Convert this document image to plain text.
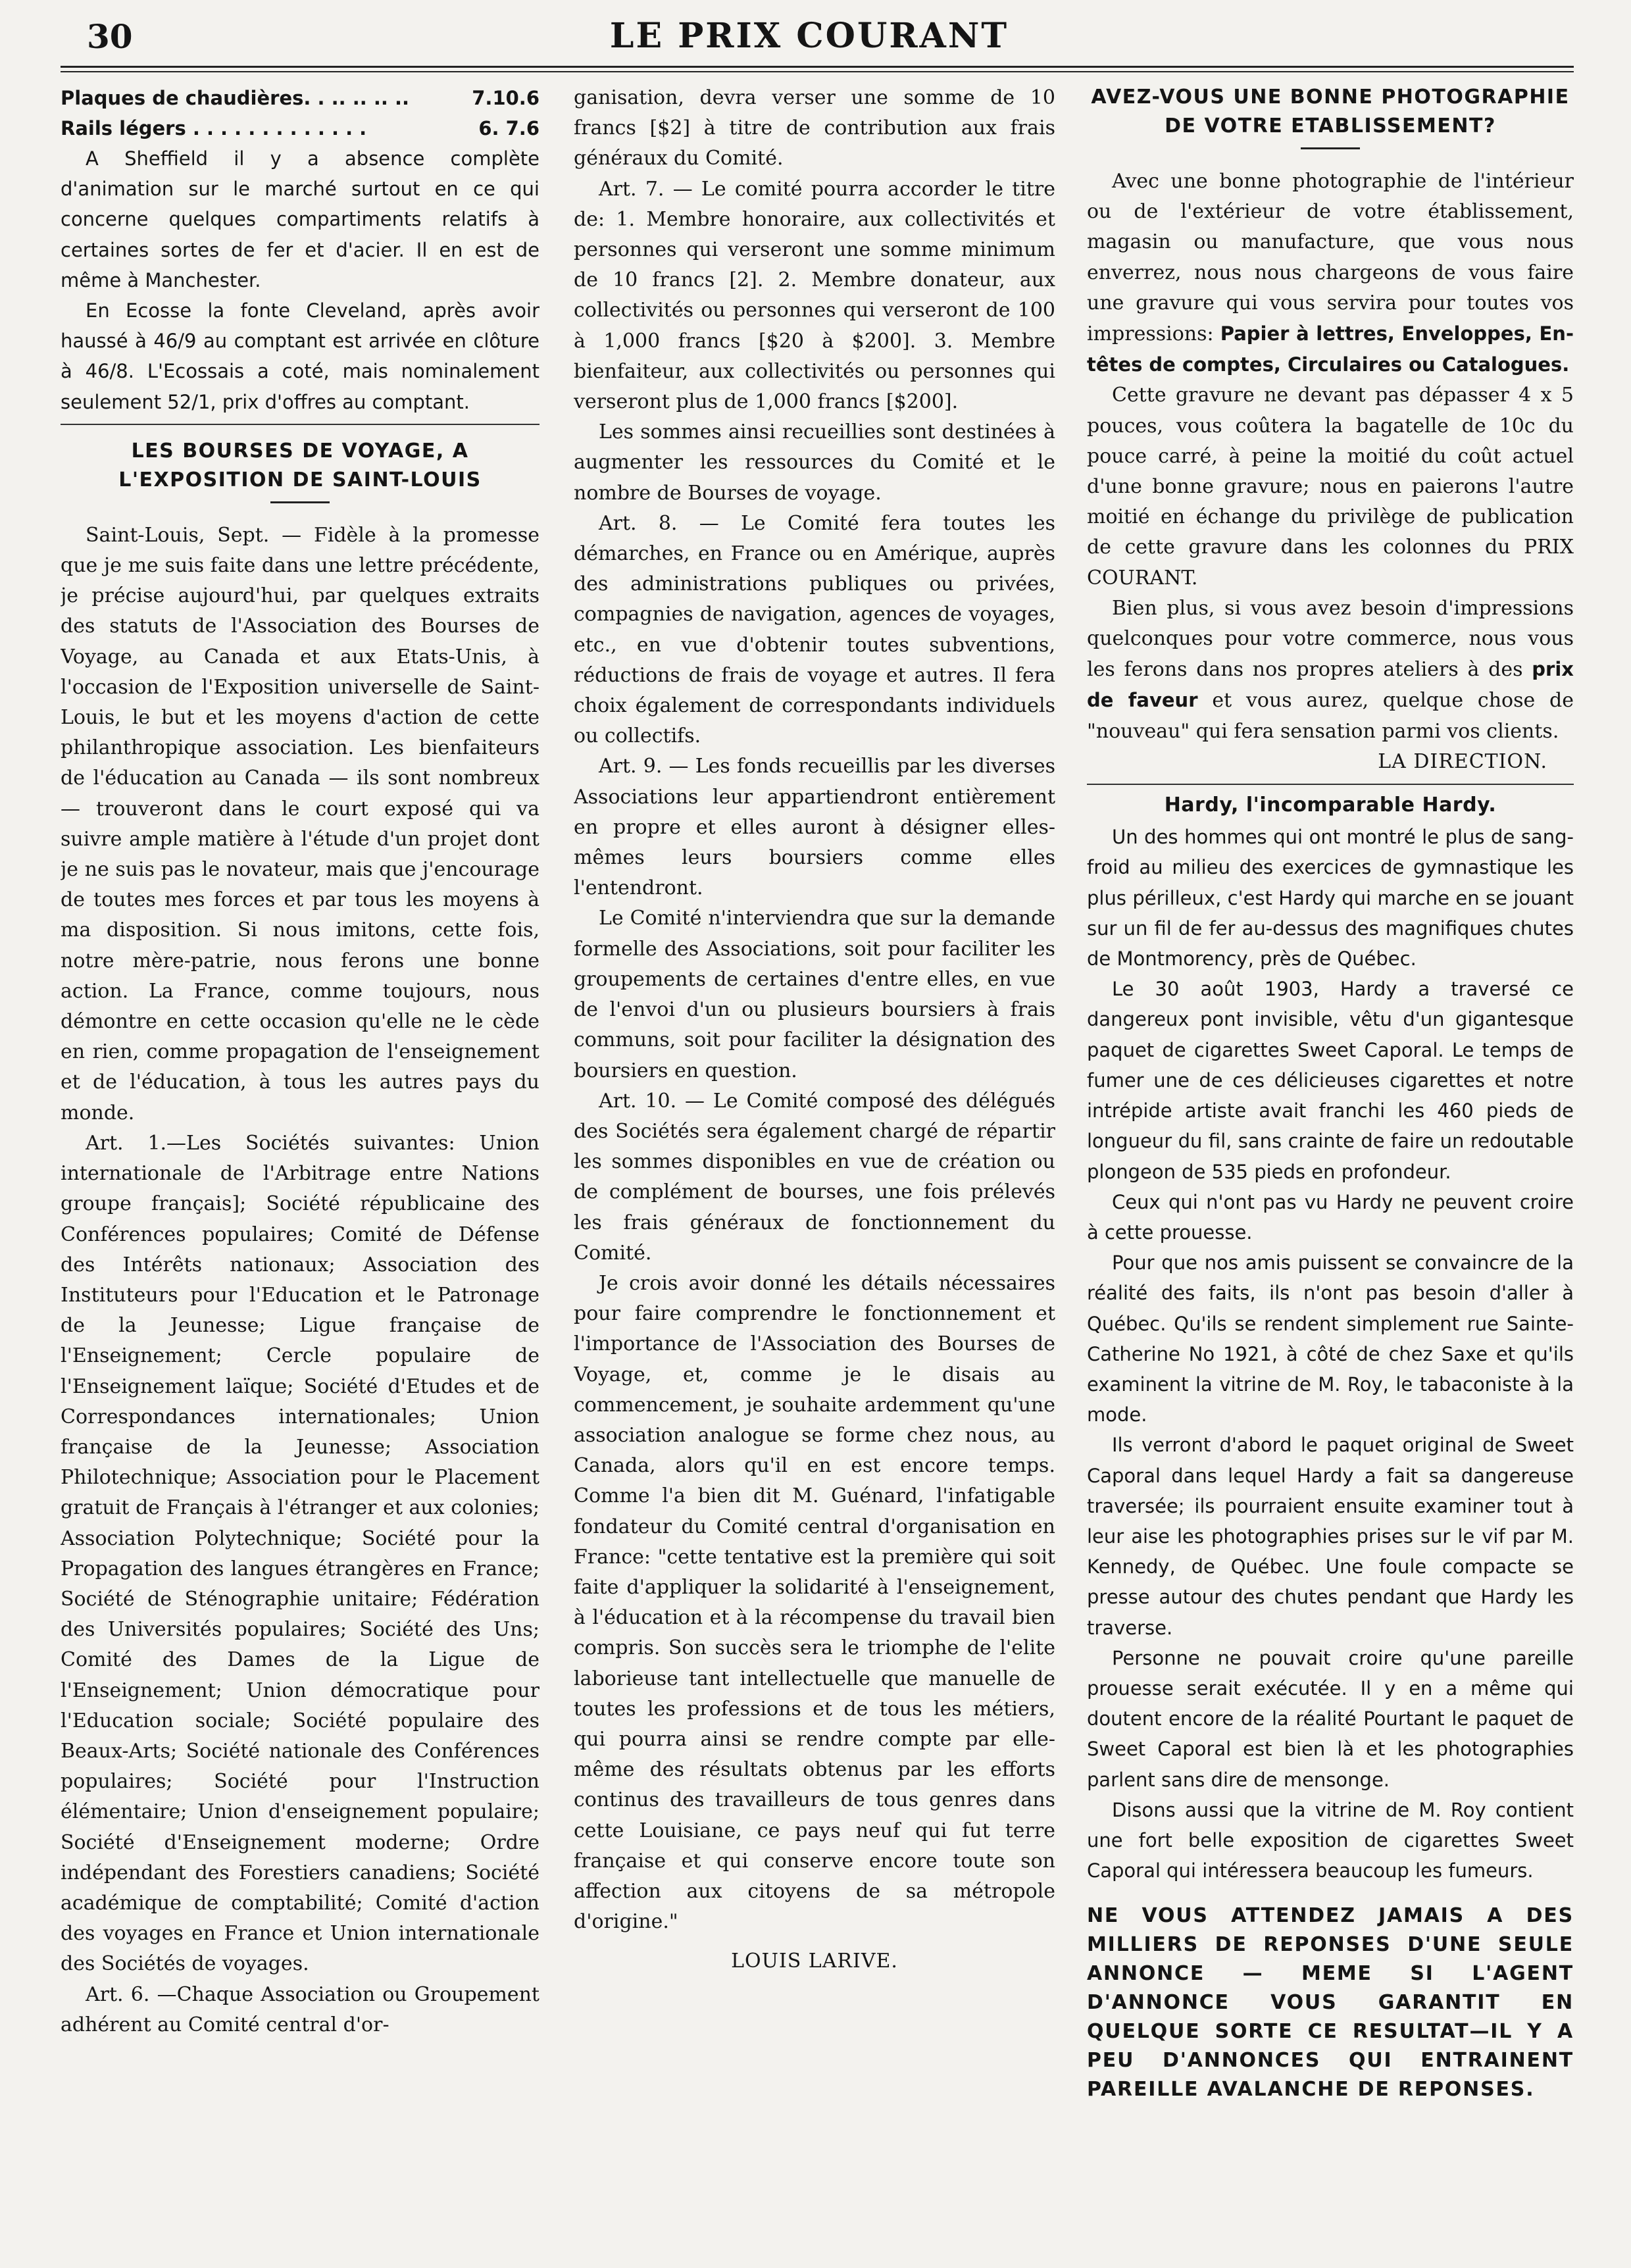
30	LE PRIX COURANT
Plaques de chaudières. . .. .. .. ..	7.10.6
Rails légers . . . . . . . . . . . . .	6. 7.6

A Sheffield il y a absence complète d'animation sur le marché surtout en ce qui concerne quelques compartiments relatifs à certaines sortes de fer et d'acier. Il en est de même à Manchester.

En Ecosse la fonte Cleveland, après avoir haussé à 46/9 au comptant est arrivée en clôture à 46/8. L'Ecossais a coté, mais nominalement seulement 52/1, prix d'offres au comptant.

LES BOURSES DE VOYAGE, A L'EXPOSITION DE SAINT-LOUIS

Saint-Louis, Sept. — Fidèle à la promesse que je me suis faite dans une lettre précédente, je précise aujourd'hui, par quelques extraits des statuts de l'Association des Bourses de Voyage, au Canada et aux Etats-Unis, à l'occasion de l'Exposition universelle de Saint-Louis, le but et les moyens d'action de cette philanthropique association. Les bienfaiteurs de l'éducation au Canada — ils sont nombreux — trouveront dans le court exposé qui va suivre ample matière à l'étude d'un projet dont je ne suis pas le novateur, mais que j'encourage de toutes mes forces et par tous les moyens à ma disposition. Si nous imitons, cette fois, notre mère-patrie, nous ferons une bonne action. La France, comme toujours, nous démontre en cette occasion qu'elle ne le cède en rien, comme propagation de l'enseignement et de l'éducation, à tous les autres pays du monde.

Art. 1.—Les Sociétés suivantes: Union internationale de l'Arbitrage entre Nations groupe français]; Société républicaine des Conférences populaires; Comité de Défense des Intérêts nationaux; Association des Instituteurs pour l'Education et le Patronage de la Jeunesse; Ligue française de l'Enseignement; Cercle populaire de l'Enseignement laïque; Société d'Etudes et de Correspondances internationales; Union française de la Jeunesse; Association Philotechnique; Association pour le Placement gratuit de Français à l'étranger et aux colonies; Association Polytechnique; Société pour la Propagation des langues étrangères en France; Société de Sténographie unitaire; Fédération des Universités populaires; Société des Uns; Comité des Dames de la Ligue de l'Enseignement; Union démocratique pour l'Education sociale; Société populaire des Beaux-Arts; Société nationale des Conférences populaires; Société pour l'Instruction élémentaire; Union d'enseignement populaire; Société d'Enseignement moderne; Ordre indépendant des Forestiers canadiens; Société académique de comptabilité; Comité d'action des voyages en France et Union internationale des Sociétés de voyages.

Art. 6. —Chaque Association ou Groupement adhérent au Comité central d'or-

ganisation, devra verser une somme de 10 francs [$2] à titre de contribution aux frais généraux du Comité.

Art. 7. — Le comité pourra accorder le titre de: 1. Membre honoraire, aux collectivités et personnes qui verseront une somme minimum de 10 francs [2]. 2. Membre donateur, aux collectivités ou personnes qui verseront de 100 à 1,000 francs [$20 à $200]. 3. Membre bienfaiteur, aux collectivités ou personnes qui verseront plus de 1,000 francs [$200].

Les sommes ainsi recueillies sont destinées à augmenter les ressources du Comité et le nombre de Bourses de voyage.

Art. 8. — Le Comité fera toutes les démarches, en France ou en Amérique, auprès des administrations publiques ou privées, compagnies de navigation, agences de voyages, etc., en vue d'obtenir toutes subventions, réductions de frais de voyage et autres. Il fera choix également de correspondants individuels ou collectifs.

Art. 9. — Les fonds recueillis par les diverses Associations leur appartiendront entièrement en propre et elles auront à désigner elles-mêmes leurs boursiers comme elles l'entendront.

Le Comité n'interviendra que sur la demande formelle des Associations, soit pour faciliter les groupements de certaines d'entre elles, en vue de l'envoi d'un ou plusieurs boursiers à frais communs, soit pour faciliter la désignation des boursiers en question.

Art. 10. — Le Comité composé des délégués des Sociétés sera également chargé de répartir les sommes disponibles en vue de création ou de complément de bourses, une fois prélevés les frais généraux de fonctionnement du Comité.

Je crois avoir donné les détails nécessaires pour faire comprendre le fonctionnement et l'importance de l'Association des Bourses de Voyage, et, comme je le disais au commencement, je souhaite ardemment qu'une association analogue se forme chez nous, au Canada, alors qu'il en est encore temps. Comme l'a bien dit M. Guénard, l'infatigable fondateur du Comité central d'organisation en France: "cette tentative est la première qui soit faite d'appliquer la solidarité à l'enseignement, à l'éducation et à la récompense du travail bien compris. Son succès sera le triomphe de l'elite laborieuse tant intellectuelle que manuelle de toutes les professions et de tous les métiers, qui pourra ainsi se rendre compte par elle-même des résultats obtenus par les efforts continus des travailleurs de tous genres dans cette Louisiane, ce pays neuf qui fut terre française et qui conserve encore toute son affection aux citoyens de sa métropole d'origine."

LOUIS LARIVE.
AVEZ-VOUS UNE BONNE PHOTOGRAPHIE DE VOTRE ETABLISSEMENT?

Avec une bonne photographie de l'intérieur ou de l'extérieur de votre établissement, magasin ou manufacture, que vous nous enverrez, nous nous chargeons de vous faire une gravure qui vous servira pour toutes vos impressions: Papier à lettres, Enveloppes, En-têtes de comptes, Circulaires ou Catalogues.

Cette gravure ne devant pas dépasser 4 x 5 pouces, vous coûtera la bagatelle de 10c du pouce carré, à peine la moitié du coût actuel d'une bonne gravure; nous en paierons l'autre moitié en échange du privilège de publication de cette gravure dans les colonnes du PRIX COURANT.

Bien plus, si vous avez besoin d'impressions quelconques pour votre commerce, nous vous les ferons dans nos propres ateliers à des prix de faveur et vous aurez, quelque chose de "nouveau" qui fera sensation parmi vos clients.

LA DIRECTION.
Hardy, l'incomparable Hardy.

Un des hommes qui ont montré le plus de sang-froid au milieu des exercices de gymnastique les plus périlleux, c'est Hardy qui marche en se jouant sur un fil de fer au-dessus des magnifiques chutes de Montmorency, près de Québec.

Le 30 août 1903, Hardy a traversé ce dangereux pont invisible, vêtu d'un gigantesque paquet de cigarettes Sweet Caporal. Le temps de fumer une de ces délicieuses cigarettes et notre intrépide artiste avait franchi les 460 pieds de longueur du fil, sans crainte de faire un redoutable plongeon de 535 pieds en profondeur.

Ceux qui n'ont pas vu Hardy ne peuvent croire à cette prouesse.

Pour que nos amis puissent se convaincre de la réalité des faits, ils n'ont pas besoin d'aller à Québec. Qu'ils se rendent simplement rue Sainte-Catherine No 1921, à côté de chez Saxe et qu'ils examinent la vitrine de M. Roy, le tabaconiste à la mode.

Ils verront d'abord le paquet original de Sweet Caporal dans lequel Hardy a fait sa dangereuse traversée; ils pourraient ensuite examiner tout à leur aise les photographies prises sur le vif par M. Kennedy, de Québec. Une foule compacte se presse autour des chutes pendant que Hardy les traverse.

Personne ne pouvait croire qu'une pareille prouesse serait exécutée. Il y en a même qui doutent encore de la réalité Pourtant le paquet de Sweet Caporal est bien là et les photographies parlent sans dire de mensonge.

Disons aussi que la vitrine de M. Roy contient une fort belle exposition de cigarettes Sweet Caporal qui intéressera beaucoup les fumeurs.

NE VOUS ATTENDEZ JAMAIS A DES MILLIERS DE REPONSES D'UNE SEULE ANNONCE — MEME SI L'AGENT D'ANNONCE VOUS GARANTIT EN QUELQUE SORTE CE RESULTAT—IL Y A PEU D'ANNONCES QUI ENTRAINENT PAREILLE AVALANCHE DE REPONSES.
